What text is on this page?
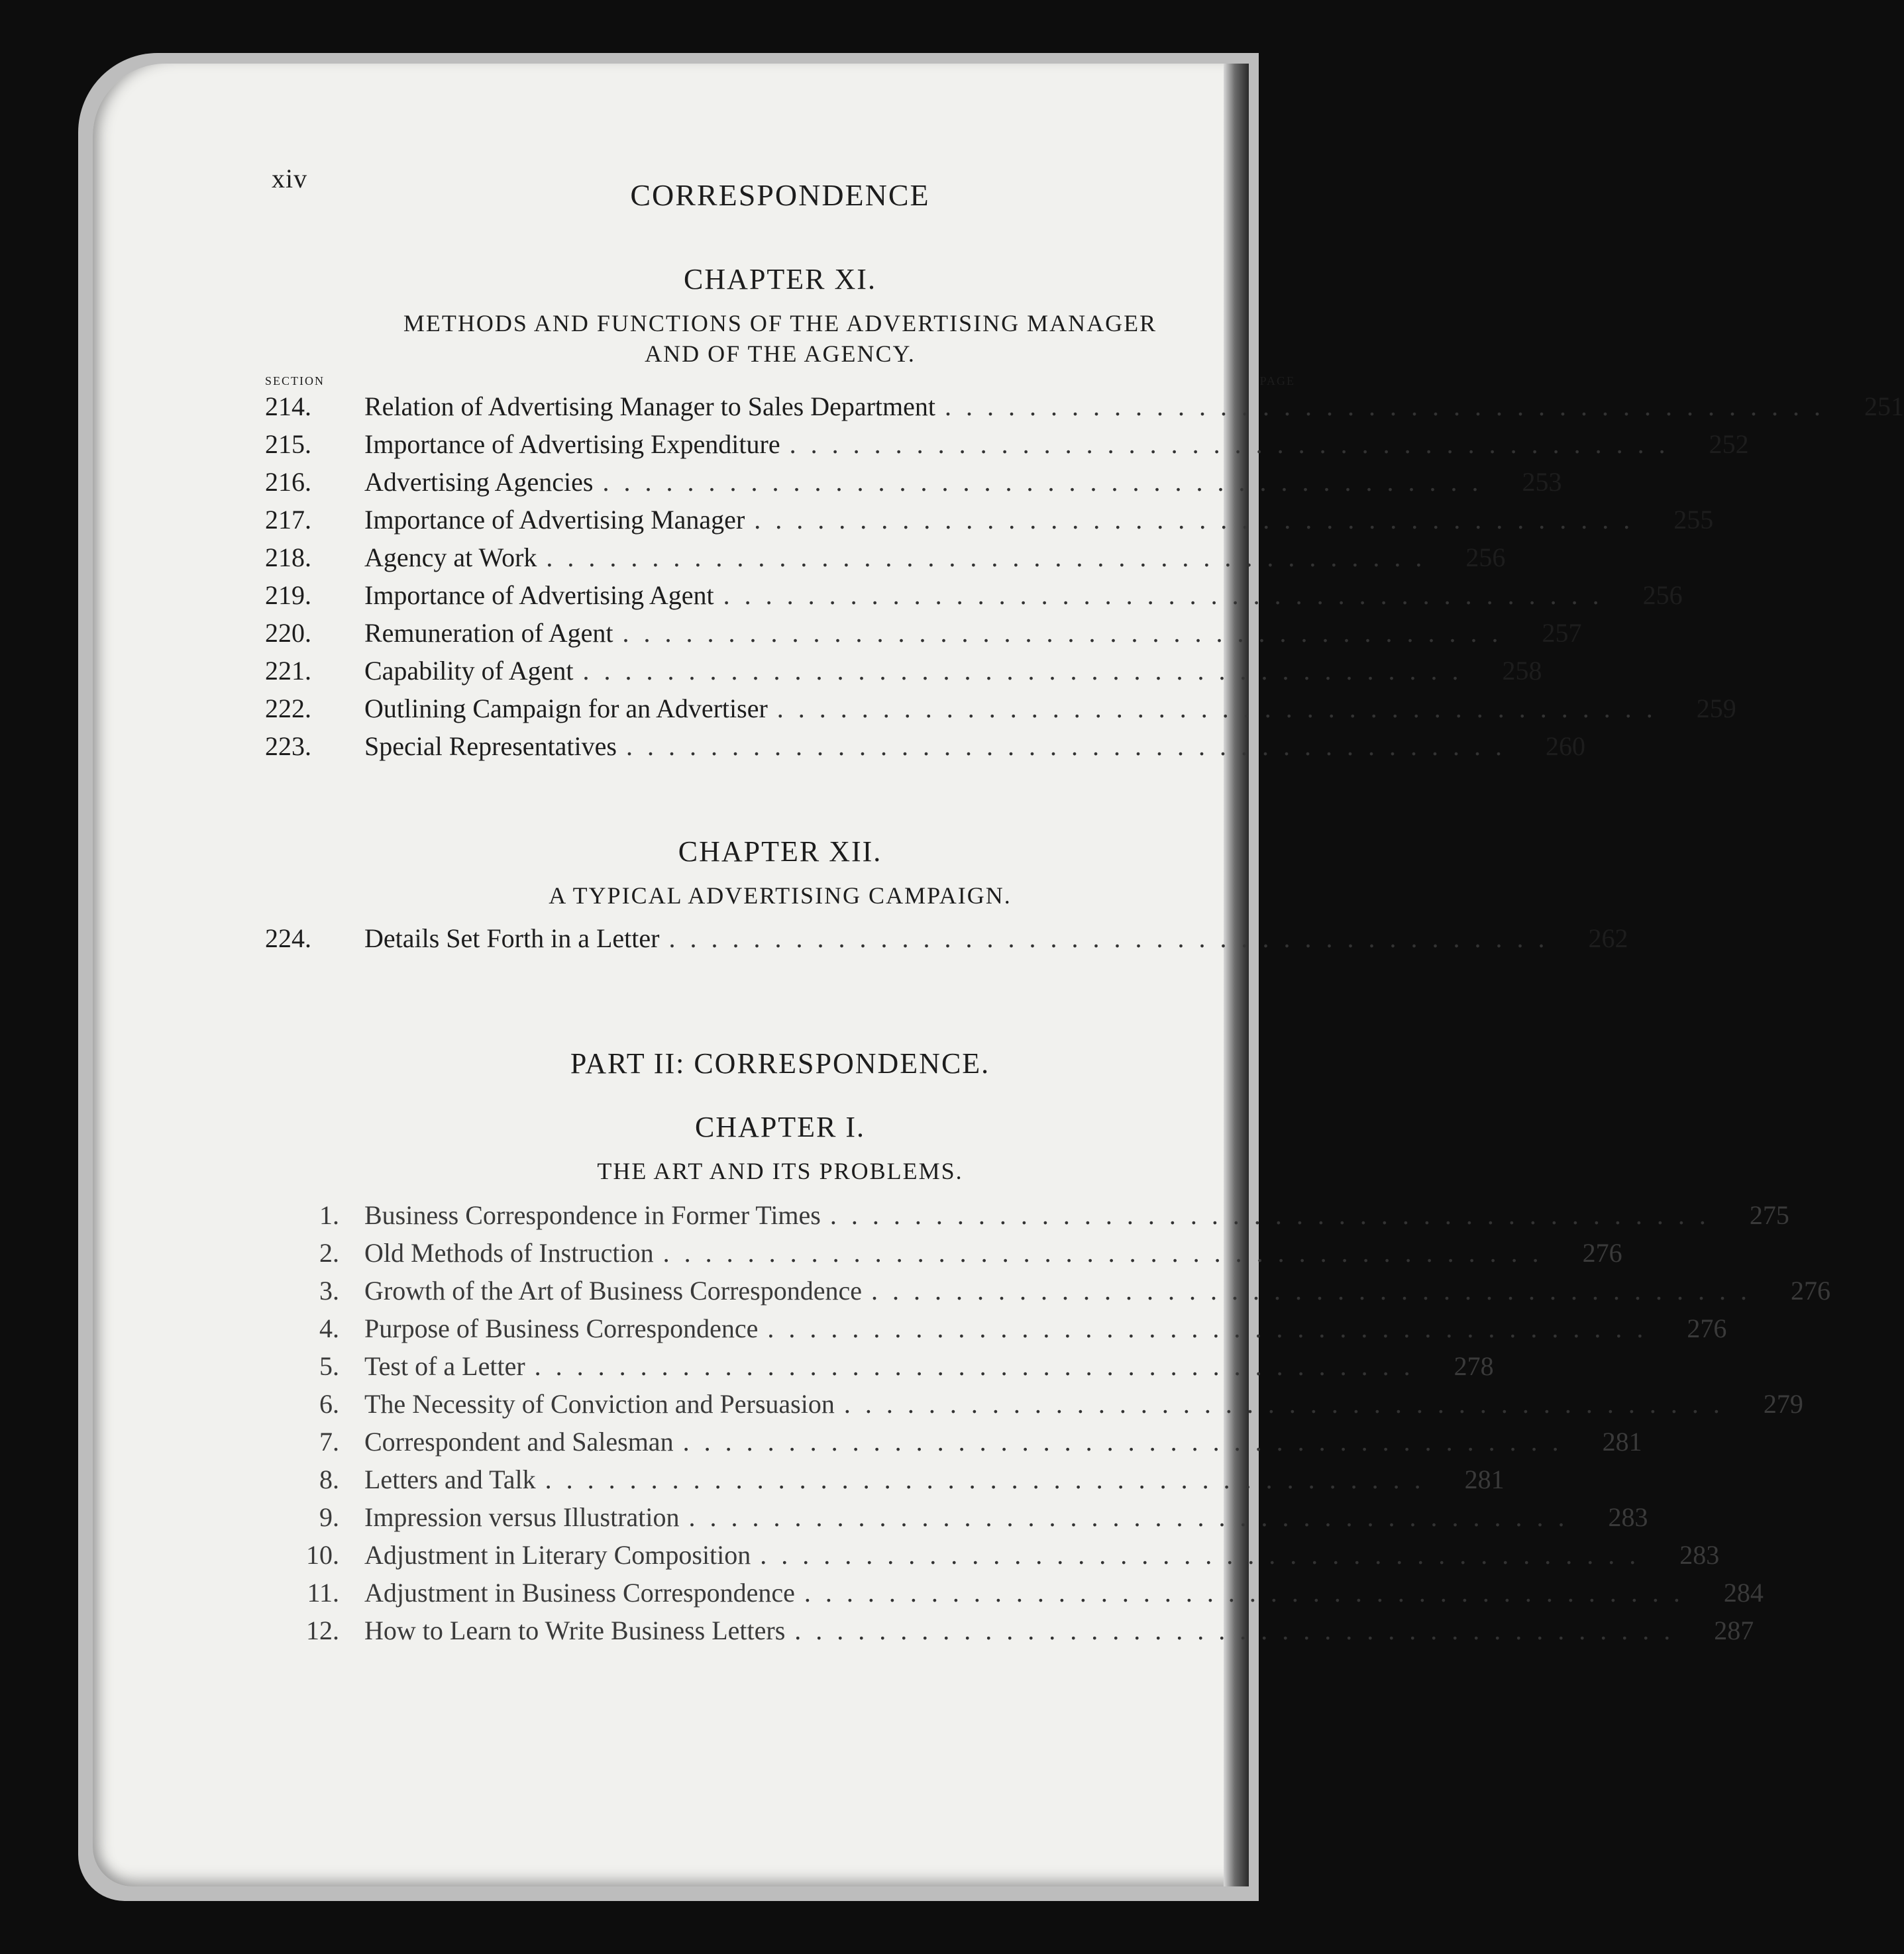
xiv	CORRESPONDENCE
CHAPTER XI.
METHODS AND FUNCTIONS OF THE ADVERTISING MANAGER
AND OF THE AGENCY.
SECTION	PAGE
214.	Relation of Advertising Manager to Sales Department ..........................................	251
215.	Importance of Advertising Expenditure ..........................................	252
216.	Advertising Agencies ..........................................	253
217.	Importance of Advertising Manager ..........................................	255
218.	Agency at Work ..........................................	256
219.	Importance of Advertising Agent ..........................................	256
220.	Remuneration of Agent ..........................................	257
221.	Capability of Agent ..........................................	258
222.	Outlining Campaign for an Advertiser ..........................................	259
223.	Special Representatives ..........................................	260
CHAPTER XII.
A TYPICAL ADVERTISING CAMPAIGN.
224.	Details Set Forth in a Letter ..........................................	262
PART II: CORRESPONDENCE.
CHAPTER I.
THE ART AND ITS PROBLEMS.
1. Business Correspondence in Former Times ..........................................	275
2. Old Methods of Instruction ..........................................	276
3. Growth of the Art of Business Correspondence ..........................................	276
4. Purpose of Business Correspondence ..........................................	276
5. Test of a Letter ..........................................	278
6. The Necessity of Conviction and Persuasion ..........................................	279
7. Correspondent and Salesman ..........................................	281
8. Letters and Talk ..........................................	281
9. Impression versus Illustration ..........................................	283
10. Adjustment in Literary Composition ..........................................	283
11. Adjustment in Business Correspondence ..........................................	284
12. How to Learn to Write Business Letters ..........................................	287
